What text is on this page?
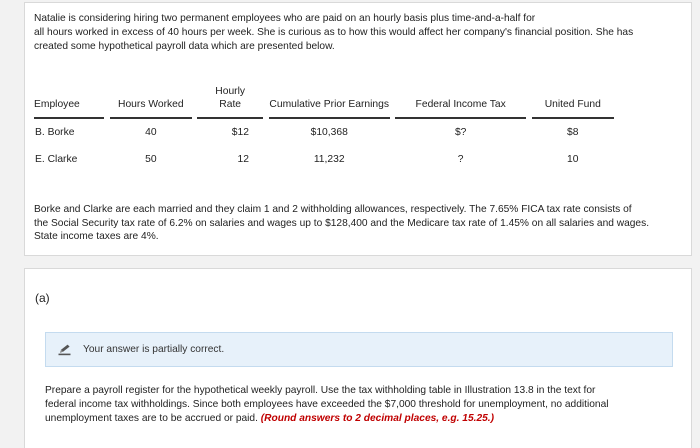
Natalie is considering hiring two permanent employees who are paid on an hourly basis plus time-and-a-half for
all hours worked in excess of 40 hours per week. She is curious as to how this would affect her company's financial position. She has
created some hypothetical payroll data which are presented below.
Employee		Hours Worked		Hourly
Rate		Cumulative Prior Earnings		Federal Income Tax		United Fund
B. Borke		40		$12		$10,368		$?		$8
E. Clarke		50		12		11,232		?		10
Borke and Clarke are each married and they claim 1 and 2 withholding allowances, respectively. The 7.65% FICA tax rate consists of
the Social Security tax rate of 6.2% on salaries and wages up to $128,400 and the Medicare tax rate of 1.45% on all salaries and wages.
State income taxes are 4%.
(a)
Your answer is partially correct.
Prepare a payroll register for the hypothetical weekly payroll. Use the tax withholding table in Illustration 13.8 in the text for
federal income tax withholdings. Since both employees have exceeded the $7,000 threshold for unemployment, no additional
unemployment taxes are to be accrued or paid. (Round answers to 2 decimal places, e.g. 15.25.)
